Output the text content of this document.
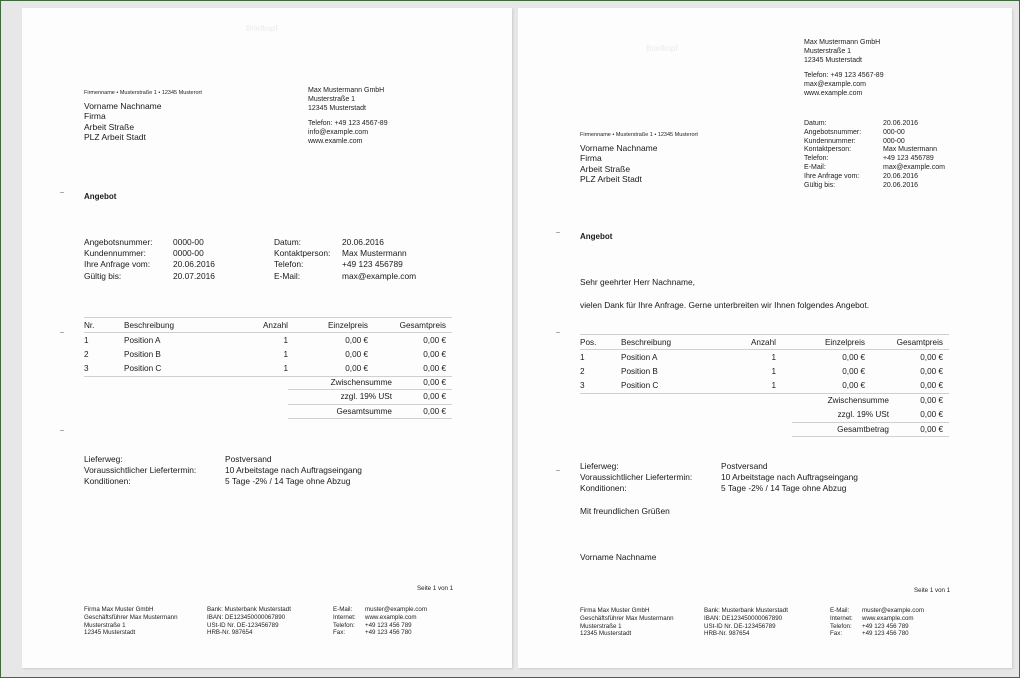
Briefkopf
Firmenname • Musterstraße 1 • 12345 Musterort
Vorname Nachname
Firma
Arbeit Straße
PLZ Arbeit Stadt
Max Mustermann GmbH
Musterstraße 1
12345 Musterstadt
Telefon: +49 123 4567-89
info@example.com
www.examle.com
Angebot
Angebotsnummer:	0000-00
Kundennummer:	0000-00
Ihre Anfrage vom:	20.06.2016
Gültig bis:	20.07.2016
Datum:	20.06.2016
Kontaktperson:	Max Mustermann
Telefon:	+49 123 456789
E-Mail:	max@example.com
Nr.	Beschreibung	Anzahl	Einzelpreis	Gesamtpreis
1	Position A	1	0,00 €	0,00 €
2	Position B	1	0,00 €	0,00 €
3	Position C	1	0,00 €	0,00 €
Zwischensumme	0,00 €
zzgl. 19% USt	0,00 €
Gesamtsumme	0,00 €
Lieferweg:	Postversand
Voraussichtlicher Liefertermin:	10 Arbeitstage nach Auftragseingang
Konditionen:	5 Tage -2% / 14 Tage ohne Abzug
Seite 1 von 1
Firma Max Muster GmbH
Geschäftsführer Max Mustermann
Musterstraße 1
12345 Musterstadt
Bank: Musterbank Musterstadt
IBAN: DE123450000067890
USt-ID Nr. DE-123456789
HRB-Nr. 987654
E-Mail:	muster@example.com
Internet:	www.example.com
Telefon:	+49 123 456 789
Fax:	+49 123 456 780
Briefkopf
Max Mustermann GmbH
Musterstraße 1
12345 Musterstadt
Telefon: +49 123 4567-89
max@example.com
www.example.com
Datum:	20.06.2016
Angebotsnummer:	000-00
Kundennummer:	000-00
Kontaktperson:	Max Mustermann
Telefon:	+49 123 456789
E-Mail:	max@example.com
Ihre Anfrage vom:	20.06.2016
Gültig bis:	20.06.2016
Firmenname • Musterstraße 1 • 12345 Musterort
Vorname Nachname
Firma
Arbeit Straße
PLZ Arbeit Stadt
Angebot
Sehr geehrter Herr Nachname,
vielen Dank für Ihre Anfrage. Gerne unterbreiten wir Ihnen folgendes Angebot.
Pos.	Beschreibung	Anzahl	Einzelpreis	Gesamtpreis
1	Position A	1	0,00 €	0,00 €
2	Position B	1	0,00 €	0,00 €
3	Position C	1	0,00 €	0,00 €
Zwischensumme	0,00 €
zzgl. 19% USt	0,00 €
Gesamtbetrag	0,00 €
Lieferweg:	Postversand
Voraussichtlicher Liefertermin:	10 Arbeitstage nach Auftragseingang
Konditionen:	5 Tage -2% / 14 Tage ohne Abzug
Mit freundlichen Grüßen
Vorname Nachname
Seite 1 von 1
Firma Max Muster GmbH
Geschäftsführer Max Mustermann
Musterstraße 1
12345 Musterstadt
Bank: Musterbank Musterstadt
IBAN: DE123450000067890
USt-ID Nr. DE-123456789
HRB-Nr. 987654
E-Mail:	muster@example.com
Internet:	www.example.com
Telefon:	+49 123 456 789
Fax:	+49 123 456 780
